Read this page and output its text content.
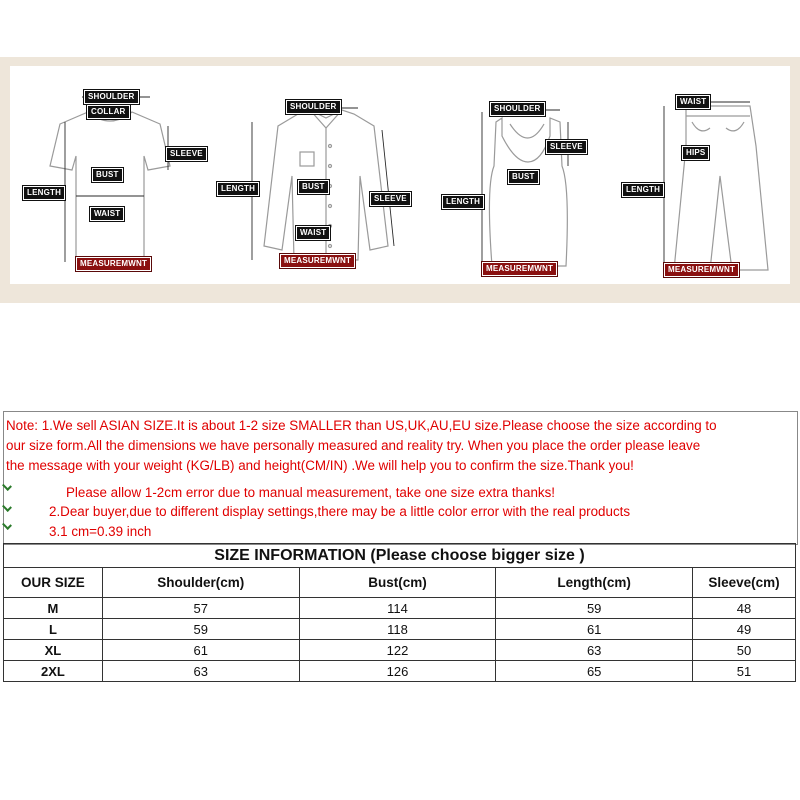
SHOULDER
COLLAR
SLEEVE
BUST
LENGTH
WAIST
MEASUREMWNT
SHOULDER
LENGTH	BUST
SLEEVE
WAIST
MEASUREMWNT
SHOULDER
SLEEVE
BUST
LENGTH
MEASUREMWNT
WAIST
HIPS
LENGTH
MEASUREMWNT
Note: 1.We sell ASIAN SIZE.It is about 1-2 size SMALLER than US,UK,AU,EU size.Please choose the size according to
our size form.All the dimensions we have personally measured and reality try. When you place the order please leave
the message with your weight (KG/LB) and height(CM/IN) .We will help you to confirm the size.Thank you!
Please allow 1-2cm error due to manual measurement, take one size extra thanks!
2.Dear buyer,due to different display settings,there may be a little color error with the real products
3.1 cm=0.39 inch
SIZE INFORMATION (Please choose bigger size )				
OUR SIZE	Shoulder(cm)	Bust(cm)	Length(cm)	Sleeve(cm)
M	57	114	59	48
L	59	118	61	49
XL	61	122	63	50
2XL	63	126	65	51
